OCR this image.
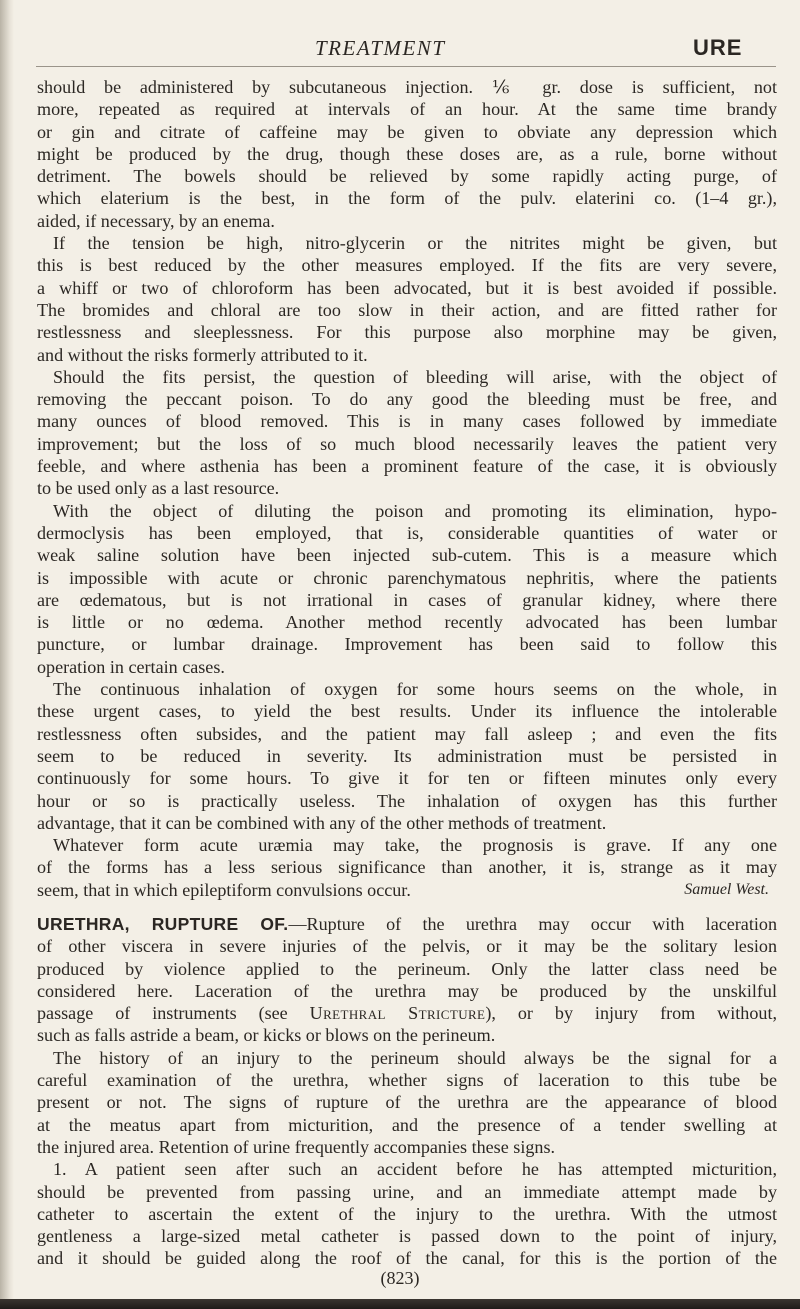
TREATMENT	URE
should be administered by subcutaneous injection. ⅙ gr. dose is sufficient, not
more, repeated as required at intervals of an hour. At the same time brandy
or gin and citrate of caffeine may be given to obviate any depression which
might be produced by the drug, though these doses are, as a rule, borne without
detriment. The bowels should be relieved by some rapidly acting purge, of
which elaterium is the best, in the form of the pulv. elaterini co. (1–4 gr.),
aided, if necessary, by an enema.
If the tension be high, nitro-glycerin or the nitrites might be given, but
this is best reduced by the other measures employed. If the fits are very severe,
a whiff or two of chloroform has been advocated, but it is best avoided if possible.
The bromides and chloral are too slow in their action, and are fitted rather for
restlessness and sleeplessness. For this purpose also morphine may be given,
and without the risks formerly attributed to it.
Should the fits persist, the question of bleeding will arise, with the object of
removing the peccant poison. To do any good the bleeding must be free, and
many ounces of blood removed. This is in many cases followed by immediate
improvement; but the loss of so much blood necessarily leaves the patient very
feeble, and where asthenia has been a prominent feature of the case, it is obviously
to be used only as a last resource.
With the object of diluting the poison and promoting its elimination, hypo-
dermoclysis has been employed, that is, considerable quantities of water or
weak saline solution have been injected sub-cutem. This is a measure which
is impossible with acute or chronic parenchymatous nephritis, where the patients
are œdematous, but is not irrational in cases of granular kidney, where there
is little or no œdema. Another method recently advocated has been lumbar
puncture, or lumbar drainage. Improvement has been said to follow this
operation in certain cases.
The continuous inhalation of oxygen for some hours seems on the whole, in
these urgent cases, to yield the best results. Under its influence the intolerable
restlessness often subsides, and the patient may fall asleep ; and even the fits
seem to be reduced in severity. Its administration must be persisted in
continuously for some hours. To give it for ten or fifteen minutes only every
hour or so is practically useless. The inhalation of oxygen has this further
advantage, that it can be combined with any of the other methods of treatment.
Whatever form acute uræmia may take, the prognosis is grave. If any one
of the forms has a less serious significance than another, it is, strange as it may
seem, that in which epileptiform convulsions occur.	Samuel West.
URETHRA, RUPTURE OF.—Rupture of the urethra may occur with laceration
of other viscera in severe injuries of the pelvis, or it may be the solitary lesion
produced by violence applied to the perineum. Only the latter class need be
considered here. Laceration of the urethra may be produced by the unskilful
passage of instruments (see Urethral Stricture), or by injury from without,
such as falls astride a beam, or kicks or blows on the perineum.
The history of an injury to the perineum should always be the signal for a
careful examination of the urethra, whether signs of laceration to this tube be
present or not. The signs of rupture of the urethra are the appearance of blood
at the meatus apart from micturition, and the presence of a tender swelling at
the injured area. Retention of urine frequently accompanies these signs.
1. A patient seen after such an accident before he has attempted micturition,
should be prevented from passing urine, and an immediate attempt made by
catheter to ascertain the extent of the injury to the urethra. With the utmost
gentleness a large-sized metal catheter is passed down to the point of injury,
and it should be guided along the roof of the canal, for this is the portion of the
(823)
